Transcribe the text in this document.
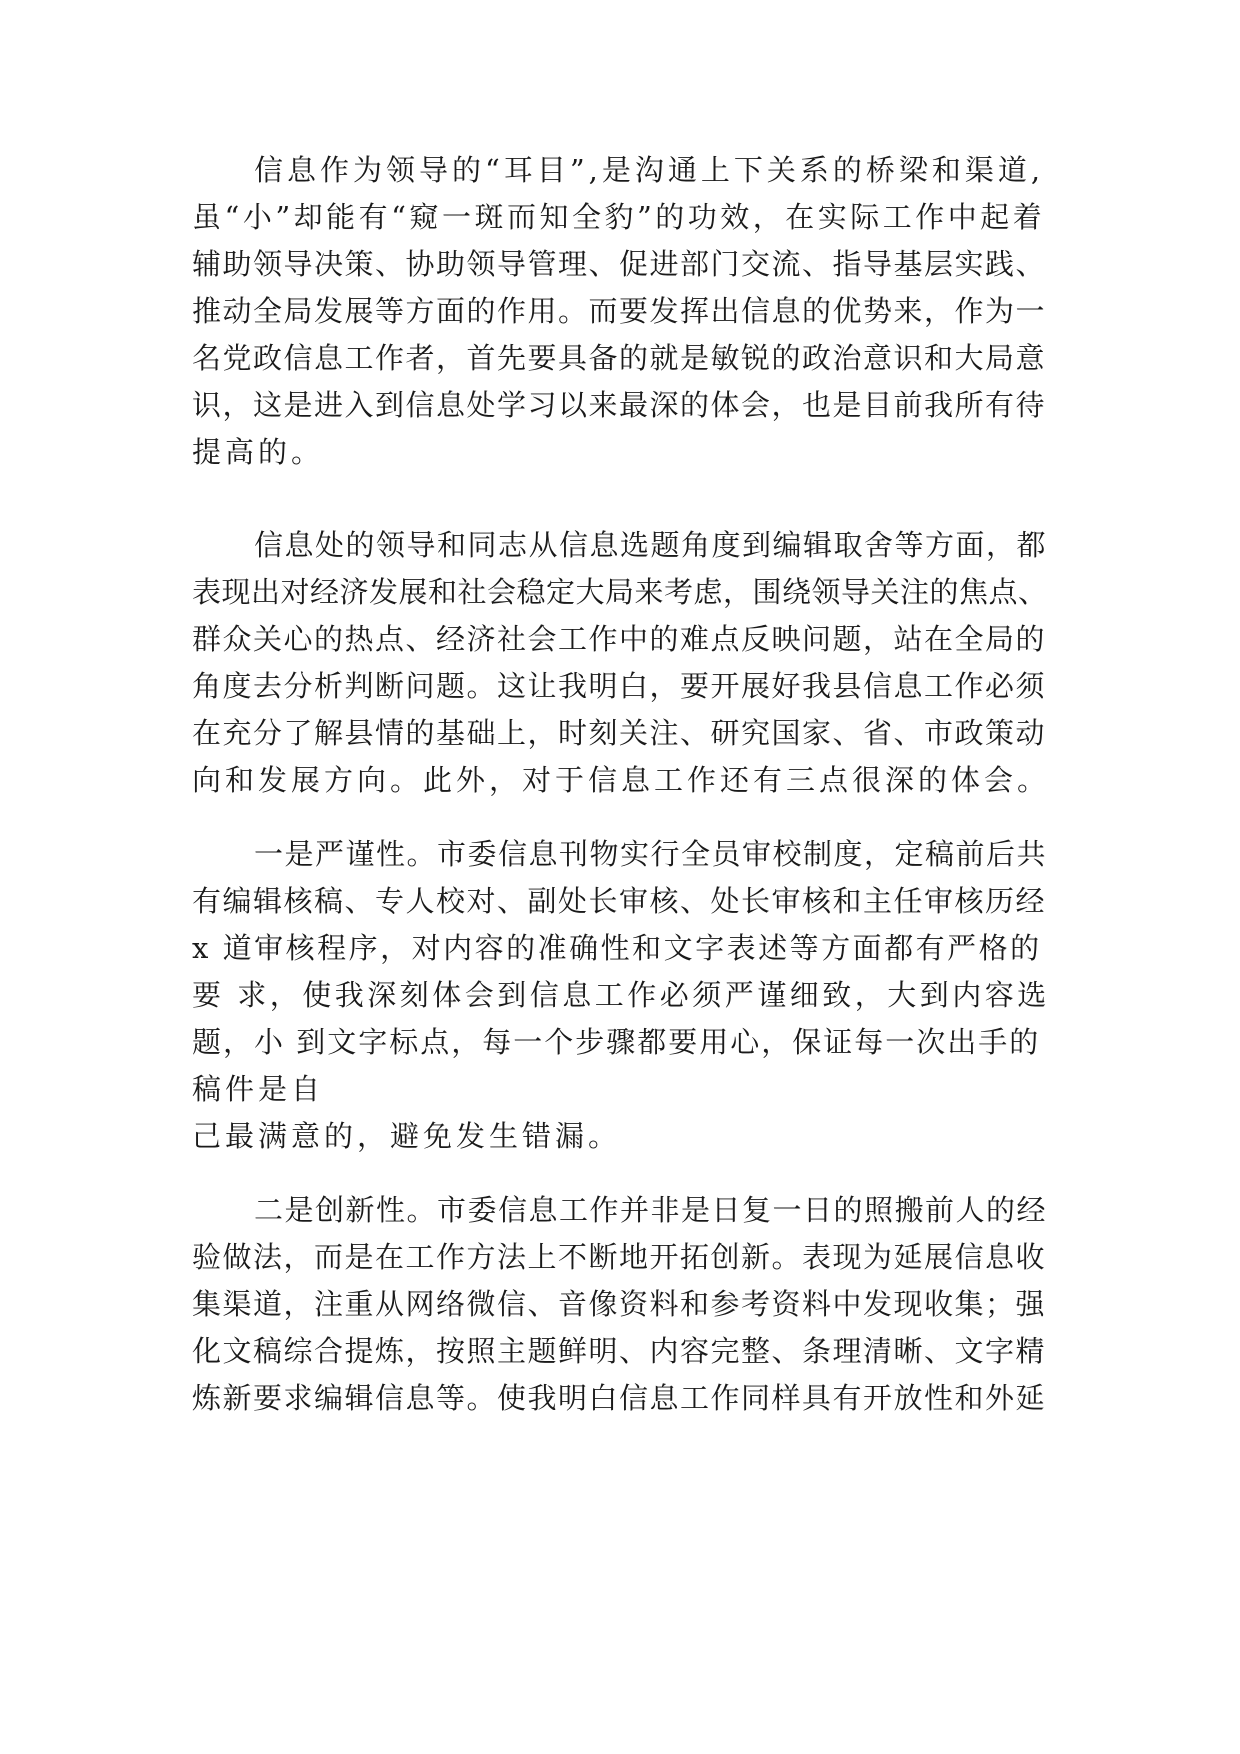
信息作为领导的“耳目”,是沟通上下关系的桥梁和渠道,

虽“小”却能有“窥一斑而知全豹”的功效，在实际工作中起着

辅助领导决策、协助领导管理、促进部门交流、指导基层实践、

推动全局发展等方面的作用。而要发挥出信息的优势来，作为一

名党政信息工作者，首先要具备的就是敏锐的政治意识和大局意

识，这是进入到信息处学习以来最深的体会，也是目前我所有待

提高的。

信息处的领导和同志从信息选题角度到编辑取舍等方面，都

表现出对经济发展和社会稳定大局来考虑，围绕领导关注的焦点、

群众关心的热点、经济社会工作中的难点反映问题，站在全局的

角度去分析判断问题。这让我明白，要开展好我县信息工作必须

在充分了解县情的基础上，时刻关注、研究国家、省、市政策动

向和发展方向。此外，对于信息工作还有三点很深的体会。

一是严谨性。市委信息刊物实行全员审校制度，定稿前后共

有编辑核稿、专人校对、副处长审核、处长审核和主任审核历经

x 道审核程序，对内容的准确性和文字表述等方面都有严格的

要 求，使我深刻体会到信息工作必须严谨细致，大到内容选

题，小 到文字标点，每一个步骤都要用心，保证每一次出手的

稿件是自

己最满意的，避免发生错漏。

二是创新性。市委信息工作并非是日复一日的照搬前人的经

验做法，而是在工作方法上不断地开拓创新。表现为延展信息收

集渠道，注重从网络微信、音像资料和参考资料中发现收集；强

化文稿综合提炼，按照主题鲜明、内容完整、条理清晰、文字精

炼新要求编辑信息等。使我明白信息工作同样具有开放性和外延
